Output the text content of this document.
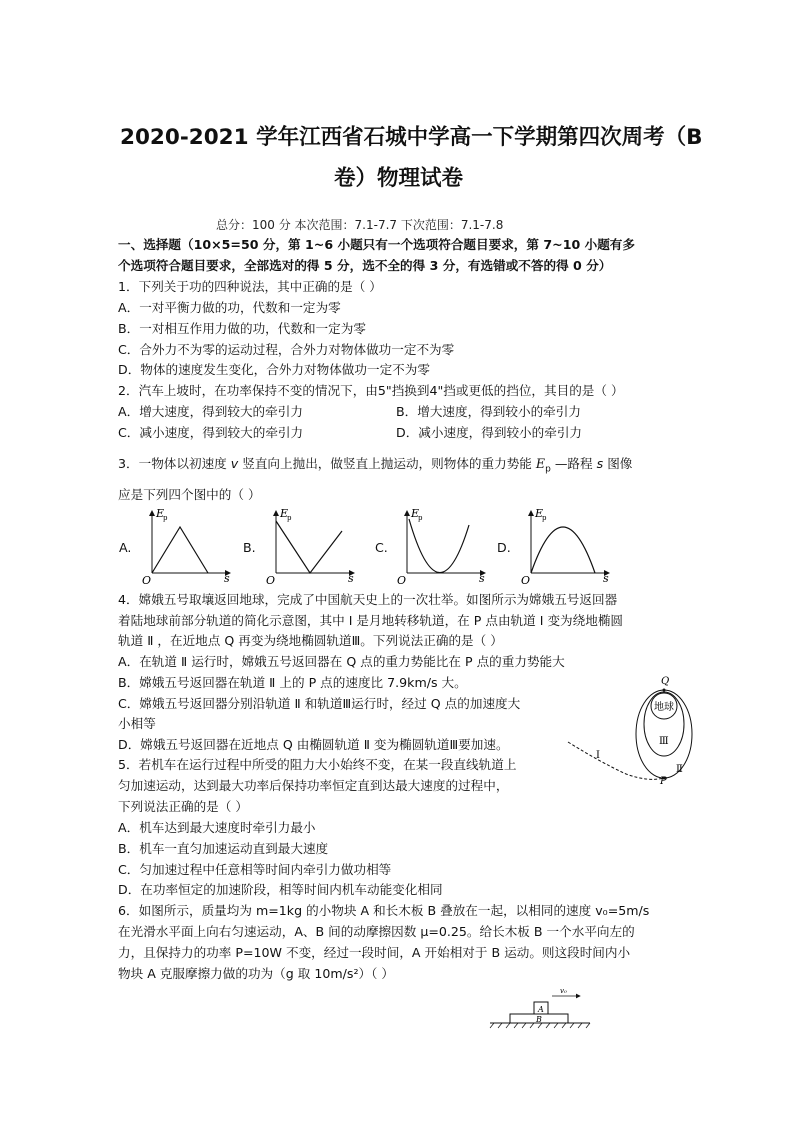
2020-2021 学年江西省石城中学高一下学期第四次周考（B
卷）物理试卷
总分：100 分 本次范围：7.1-7.7 下次范围：7.1-7.8
一、选择题（10×5=50 分，第 1~6 小题只有一个选项符合题目要求，第 7~10 小题有多
个选项符合题目要求，全部选对的得 5 分，选不全的得 3 分，有选错或不答的得 0 分）
1．下列关于功的四种说法，其中正确的是（ ）
A．一对平衡力做的功，代数和一定为零
B．一对相互作用力做的功，代数和一定为零
C．合外力不为零的运动过程，合外力对物体做功一定不为零
D．物体的速度发生变化，合外力对物体做功一定不为零
2．汽车上坡时，在功率保持不变的情况下，由5"挡换到4"挡或更低的挡位，其目的是（ ）
A．增大速度，得到较大的牵引力	B．增大速度，得到较小的牵引力
C．减小速度，得到较大的牵引力	D．减小速度，得到较小的牵引力
3．一物体以初速度 v 竖直向上抛出，做竖直上抛运动，则物体的重力势能 $E_p$ —路程 s 图像
应是下列四个图中的（ ）
A.	B.	C.	D.
E
p
O	s
E
p
O	s
E
p
O	s
E
p
O	s
4．嫦娥五号取壤返回地球，完成了中国航天史上的一次壮举。如图所示为嫦娥五号返回器
着陆地球前部分轨道的简化示意图，其中 I 是月地转移轨道，在 P 点由轨道 I 变为绕地椭圆
轨道 Ⅱ ，在近地点 Q 再变为绕地椭圆轨道Ⅲ。下列说法正确的是（ ）
A．在轨道 Ⅱ 运行时，嫦娥五号返回器在 Q 点的重力势能比在 P 点的重力势能大
B．嫦娥五号返回器在轨道 Ⅱ 上的 P 点的速度比 7.9km/s 大。
C．嫦娥五号返回器分别沿轨道 Ⅱ 和轨道Ⅲ运行时，经过 Q 点的加速度大
小相等
D．嫦娥五号返回器在近地点 Q 由椭圆轨道 Ⅱ 变为椭圆轨道Ⅲ要加速。
地球
Q
P
I
Ⅱ
Ⅲ
5．若机车在运行过程中所受的阻力大小始终不变，在某一段直线轨道上
匀加速运动，达到最大功率后保持功率恒定直到达最大速度的过程中，
下列说法正确的是（ ）
A．机车达到最大速度时牵引力最小
B．机车一直匀加速运动直到最大速度
C．匀加速过程中任意相等时间内牵引力做功相等
D．在功率恒定的加速阶段，相等时间内机车动能变化相同
6．如图所示，质量均为 m=1kg 的小物块 A 和长木板 B 叠放在一起，以相同的速度 v₀=5m/s
在光滑水平面上向右匀速运动，A、B 间的动摩擦因数 μ=0.25。给长木板 B 一个水平向左的
力，且保持力的功率 P=10W 不变，经过一段时间，A 开始相对于 B 运动。则这段时间内小
物块 A 克服摩擦力做的功为（g 取 10m/s²）（ ）
A
B
v₀
